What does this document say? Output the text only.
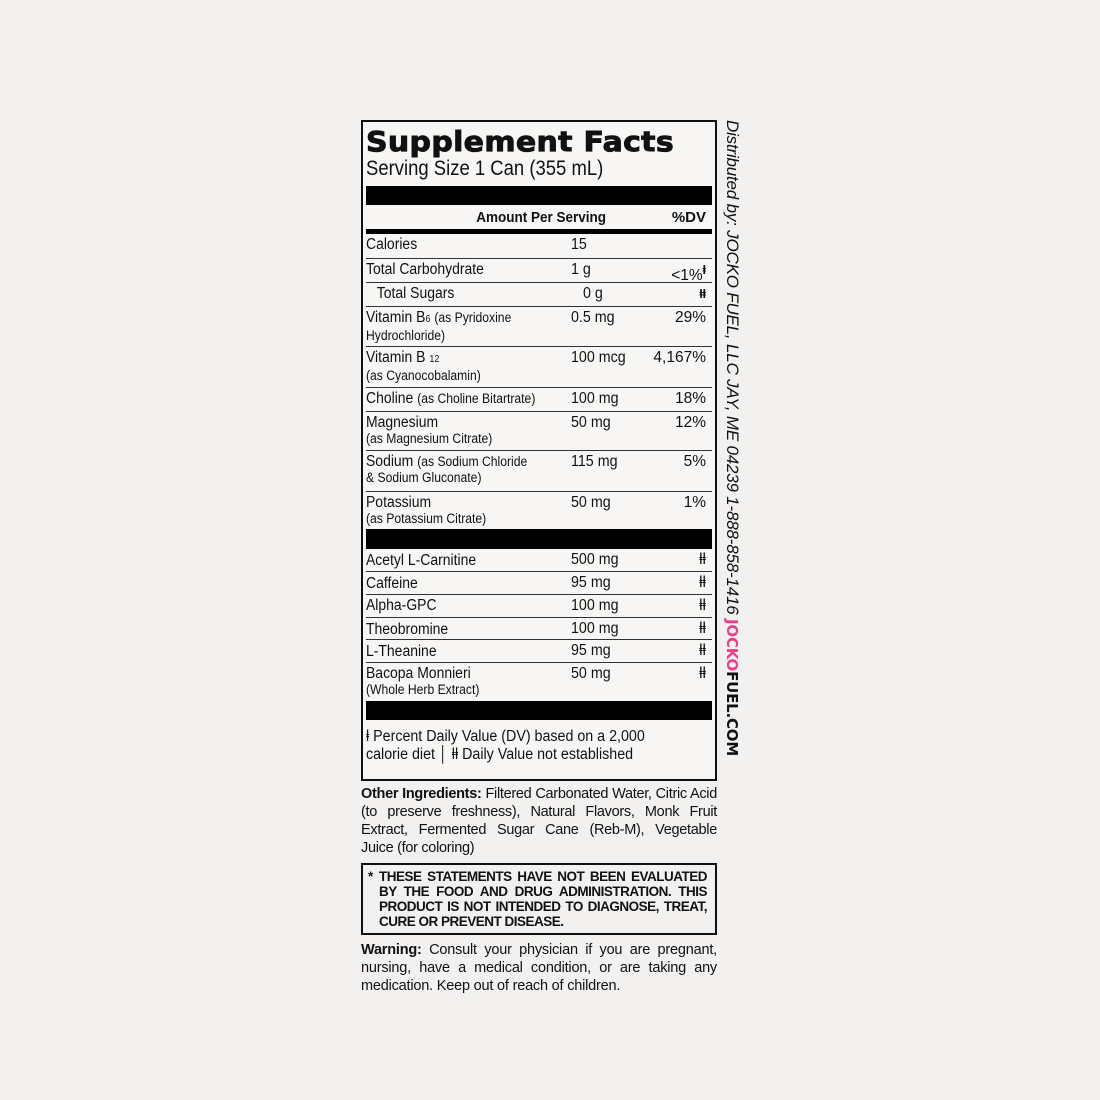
Supplement Facts
Serving Size 1 Can (355 mL)
Amount Per Serving	%DV
Calories	15
Total Carbohydrate	1 g	<1%$^ⱡ$
Total Sugars	0 g	ⱡⱡ
Vitamin B6 (as Pyridoxine
Hydrochloride)
0.5 mg	29%
Vitamin B 12
(as Cyanocobalamin)
100 mcg	4,167%
Choline (as Choline Bitartrate)	100 mg	18%
Magnesium
(as Magnesium Citrate)
50 mg	12%
Sodium (as Sodium Chloride
& Sodium Gluconate)
115 mg	5%
Potassium
(as Potassium Citrate)
50 mg	1%
Acetyl L-Carnitine	500 mg	ⱡⱡ
Caffeine	95 mg	ⱡⱡ
Alpha-GPC	100 mg	ⱡⱡ
Theobromine	100 mg	ⱡⱡ
L-Theanine	95 mg	ⱡⱡ
Bacopa Monnieri
(Whole Herb Extract)
50 mg	ⱡⱡ
ⱡ Percent Daily Value (DV) based on a 2,000
calorie diet │ ⱡⱡ Daily Value not established
Other Ingredients: Filtered Carbonated Water, Citric Acid (to preserve freshness), Natural Flavors, Monk Fruit Extract, Fermented Sugar Cane (Reb-M), Vegetable Juice (for coloring)
* THESE STATEMENTS HAVE NOT BEEN EVALUATED BY THE FOOD AND DRUG ADMINISTRATION. THIS PRODUCT IS NOT INTENDED TO DIAGNOSE, TREAT, CURE OR PREVENT DISEASE.
Warning: Consult your physician if you are pregnant, nursing, have a medical condition, or are taking any medication. Keep out of reach of children.
Distributed by: JOCKO FUEL, LLC JAY, ME 04239 1-888-858-1416 JOCKOFUEL.COM
